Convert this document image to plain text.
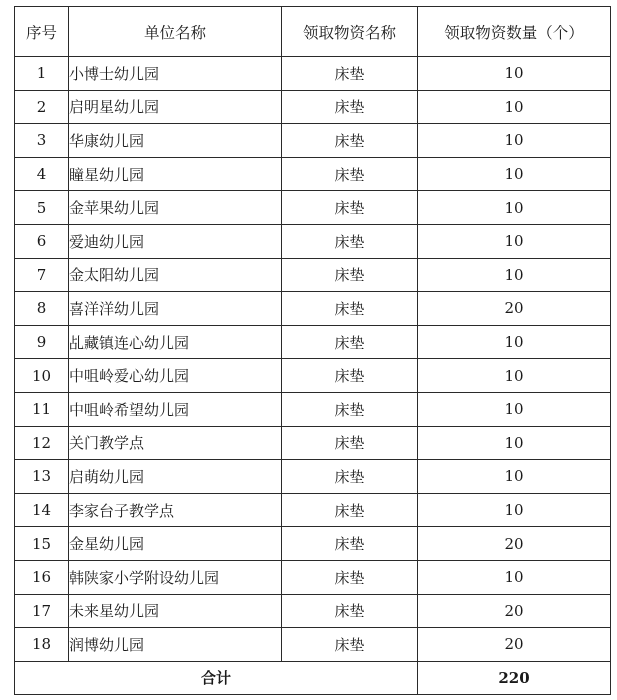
序号	单位名称	领取物资名称	领取物资数量（个）
1	小博士幼儿园	床垫	10
2	启明星幼儿园	床垫	10
3	华康幼儿园	床垫	10
4	瞳星幼儿园	床垫	10
5	金苹果幼儿园	床垫	10
6	爱迪幼儿园	床垫	10
7	金太阳幼儿园	床垫	10
8	喜洋洋幼儿园	床垫	20
9	乩藏镇连心幼儿园	床垫	10
10	中咀岭爱心幼儿园	床垫	10
11	中咀岭希望幼儿园	床垫	10
12	关门教学点	床垫	10
13	启萌幼儿园	床垫	10
14	李家台子教学点	床垫	10
15	金星幼儿园	床垫	20
16	韩陕家小学附设幼儿园	床垫	10
17	未来星幼儿园	床垫	20
18	润博幼儿园	床垫	20
合计			220
